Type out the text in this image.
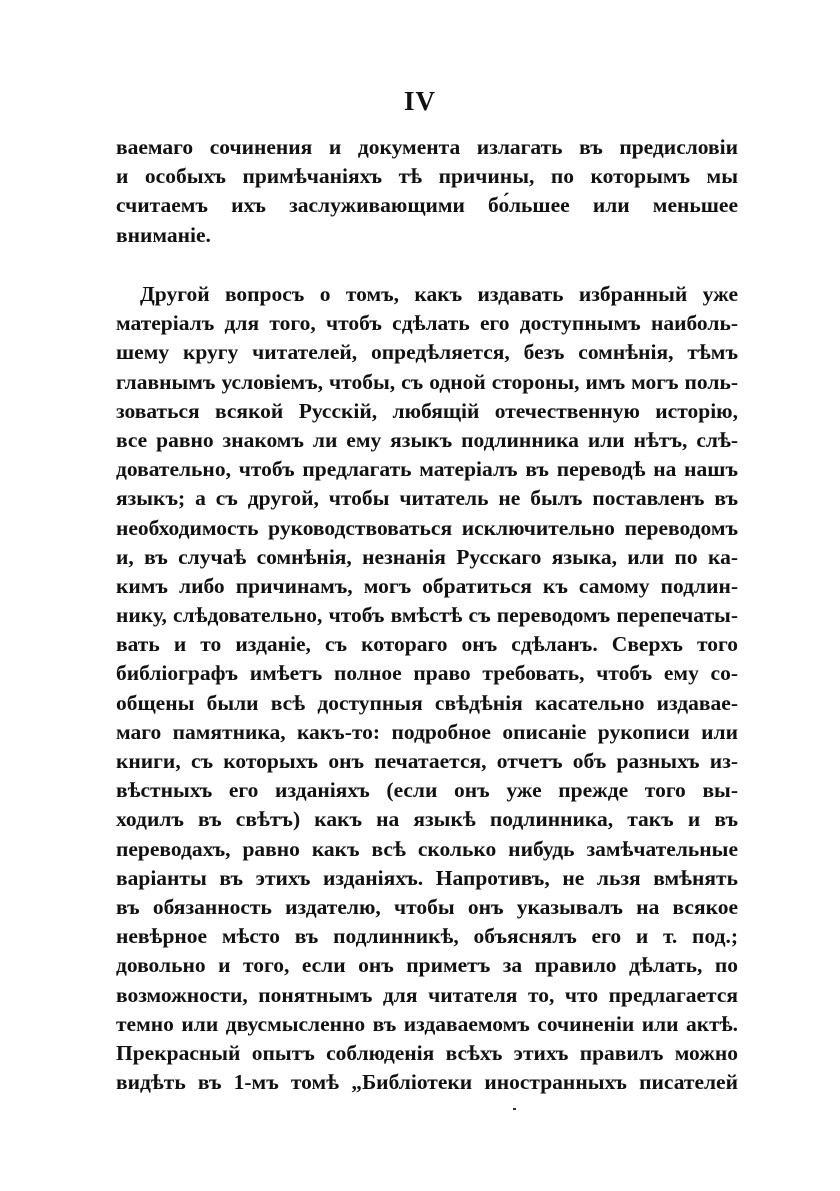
IV
ваемаго сочинения и документа излагать въ предисловіи
и особыхъ примѣчаніяхъ тѣ причины, по которымъ мы
считаемъ ихъ заслуживающими бо́льшее или меньшее
вниманіе.
Другой вопросъ о томъ, какъ издавать избранный уже
матеріалъ для того, чтобъ сдѣлать его доступнымъ наиболь-
шему кругу читателей, опредѣляется, безъ сомнѣнія, тѣмъ
главнымъ условіемъ, чтобы, съ одной стороны, имъ могъ поль-
зоваться всякой Русскій, любящій отечественную исторію,
все равно знакомъ ли ему языкъ подлинника или нѣтъ, слѣ-
довательно, чтобъ предлагать матеріалъ въ переводѣ на нашъ
языкъ; а съ другой, чтобы читатель не былъ поставленъ въ
необходимость руководствоваться исключительно переводомъ
и, въ случаѣ сомнѣнія, незнанія Русскаго языка, или по ка-
кимъ либо причинамъ, могъ обратиться къ самому подлин-
нику, слѣдовательно, чтобъ вмѣстѣ съ переводомъ перепечаты-
вать и то изданіе, съ котораго онъ сдѣланъ. Сверхъ того
библіографъ имѣетъ полное право требовать, чтобъ ему со-
общены были всѣ доступныя свѣдѣнія касательно издавае-
маго памятника, какъ-то: подробное описаніе рукописи или
книги, съ которыхъ онъ печатается, отчетъ объ разныхъ из-
вѣстныхъ его изданіяхъ (если онъ уже прежде того вы-
ходилъ въ свѣтъ) какъ на языкѣ подлинника, такъ и въ
переводахъ, равно какъ всѣ сколько нибудь замѣчательные
варіанты въ этихъ изданіяхъ. Напротивъ, не льзя вмѣнять
въ обязанность издателю, чтобы онъ указывалъ на всякое
невѣрное мѣсто въ подлинникѣ, объяснялъ его и т. под.;
довольно и того, если онъ приметъ за правило дѣлать, по
возможности, понятнымъ для читателя то, что предлагается
темно или двусмысленно въ издаваемомъ сочиненіи или актѣ.
Прекрасный опытъ соблюденія всѣхъ этихъ правилъ можно
видѣть въ 1-мъ томѣ „Библіотеки иностранныхъ писателей
